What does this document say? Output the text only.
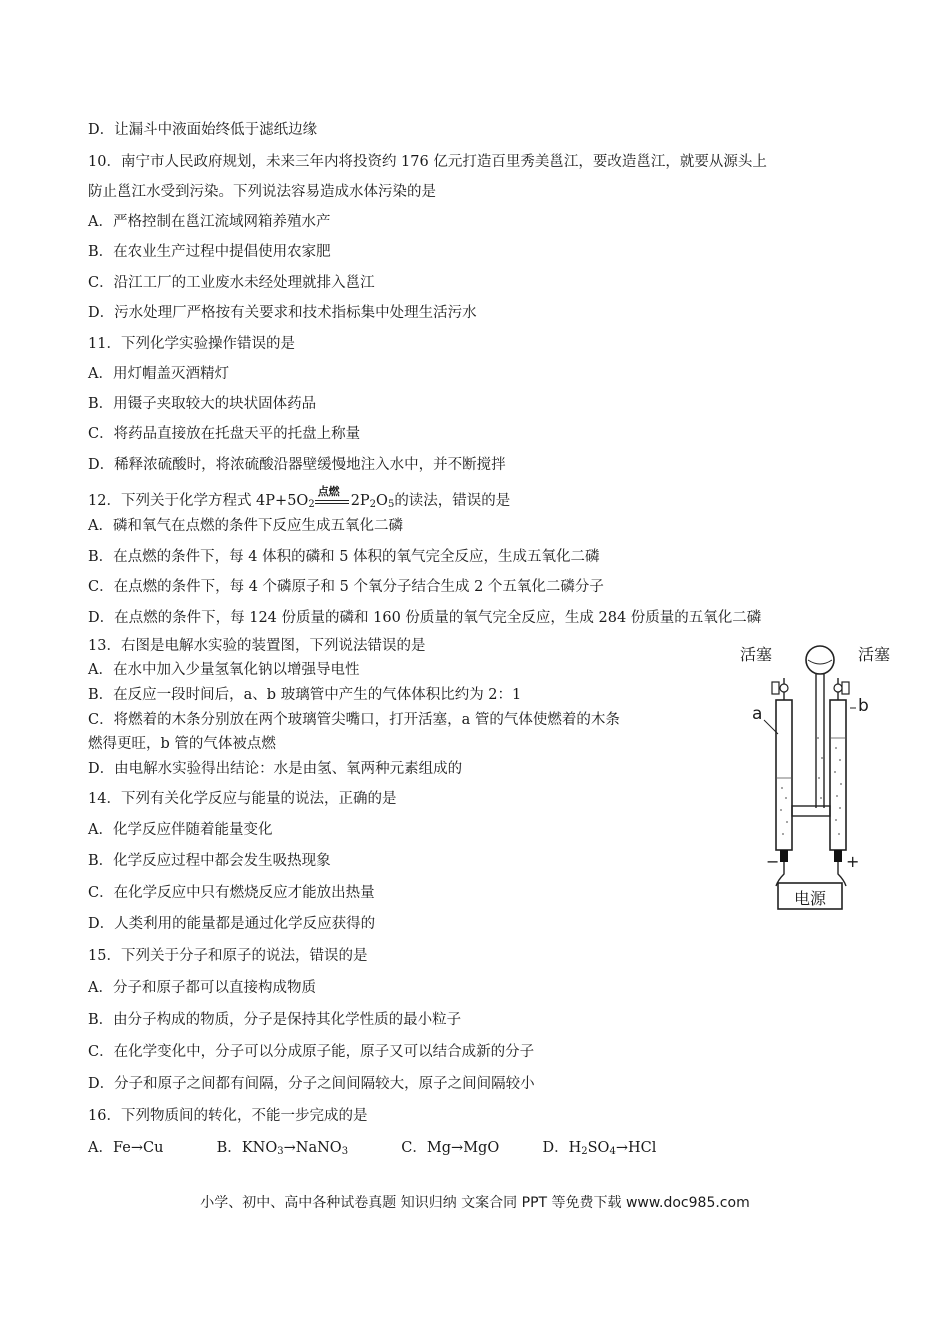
D．让漏斗中液面始终低于滤纸边缘
10．南宁市人民政府规划，未来三年内将投资约 176 亿元打造百里秀美邕江，要改造邕江，就要从源头上
防止邕江水受到污染。下列说法容易造成水体污染的是
A．严格控制在邕江流域网箱养殖水产
B．在农业生产过程中提倡使用农家肥
C．沿江工厂的工业废水未经处理就排入邕江
D．污水处理厂严格按有关要求和技术指标集中处理生活污水
11．下列化学实验操作错误的是
A．用灯帽盖灭酒精灯
B．用镊子夹取较大的块状固体药品
C．将药品直接放在托盘天平的托盘上称量
D．稀释浓硫酸时，将浓硫酸沿器壁缓慢地注入水中，并不断搅拌
12．下列关于化学方程式 $4P+5O_2$
点燃
$2P_2O_5$的读法，错误的是
A．磷和氧气在点燃的条件下反应生成五氧化二磷
B．在点燃的条件下，每 4 体积的磷和 5 体积的氧气完全反应，生成五氧化二磷
C．在点燃的条件下，每 4 个磷原子和 5 个氧分子结合生成 2 个五氧化二磷分子
D．在点燃的条件下，每 124 份质量的磷和 160 份质量的氧气完全反应，生成 284 份质量的五氧化二磷
13．右图是电解水实验的装置图，下列说法错误的是
A．在水中加入少量氢氧化钠以增强导电性
B．在反应一段时间后，a、b 玻璃管中产生的气体体积比约为 2：1
C．将燃着的木条分别放在两个玻璃管尖嘴口，打开活塞，a 管的气体使燃着的木条
燃得更旺，b 管的气体被点燃
D．由电解水实验得出结论：水是由氢、氧两种元素组成的
活塞	活塞
a	b
−	+
电源
14．下列有关化学反应与能量的说法，正确的是
A．化学反应伴随着能量变化
B．化学反应过程中都会发生吸热现象
C．在化学反应中只有燃烧反应才能放出热量
D．人类利用的能量都是通过化学反应获得的
15．下列关于分子和原子的说法，错误的是
A．分子和原子都可以直接构成物质
B．由分子构成的物质，分子是保持其化学性质的最小粒子
C．在化学变化中，分子可以分成原子能，原子又可以结合成新的分子
D．分子和原子之间都有间隔，分子之间间隔较大，原子之间间隔较小
16．下列物质间的转化，不能一步完成的是
A．Fe→Cu	B．$KNO_3\to NaNO_3$	C．Mg→MgO	D．$H_2SO_4\to HCl$
小学、初中、高中各种试卷真题 知识归纳 文案合同 PPT 等免费下载 www.doc985.com
